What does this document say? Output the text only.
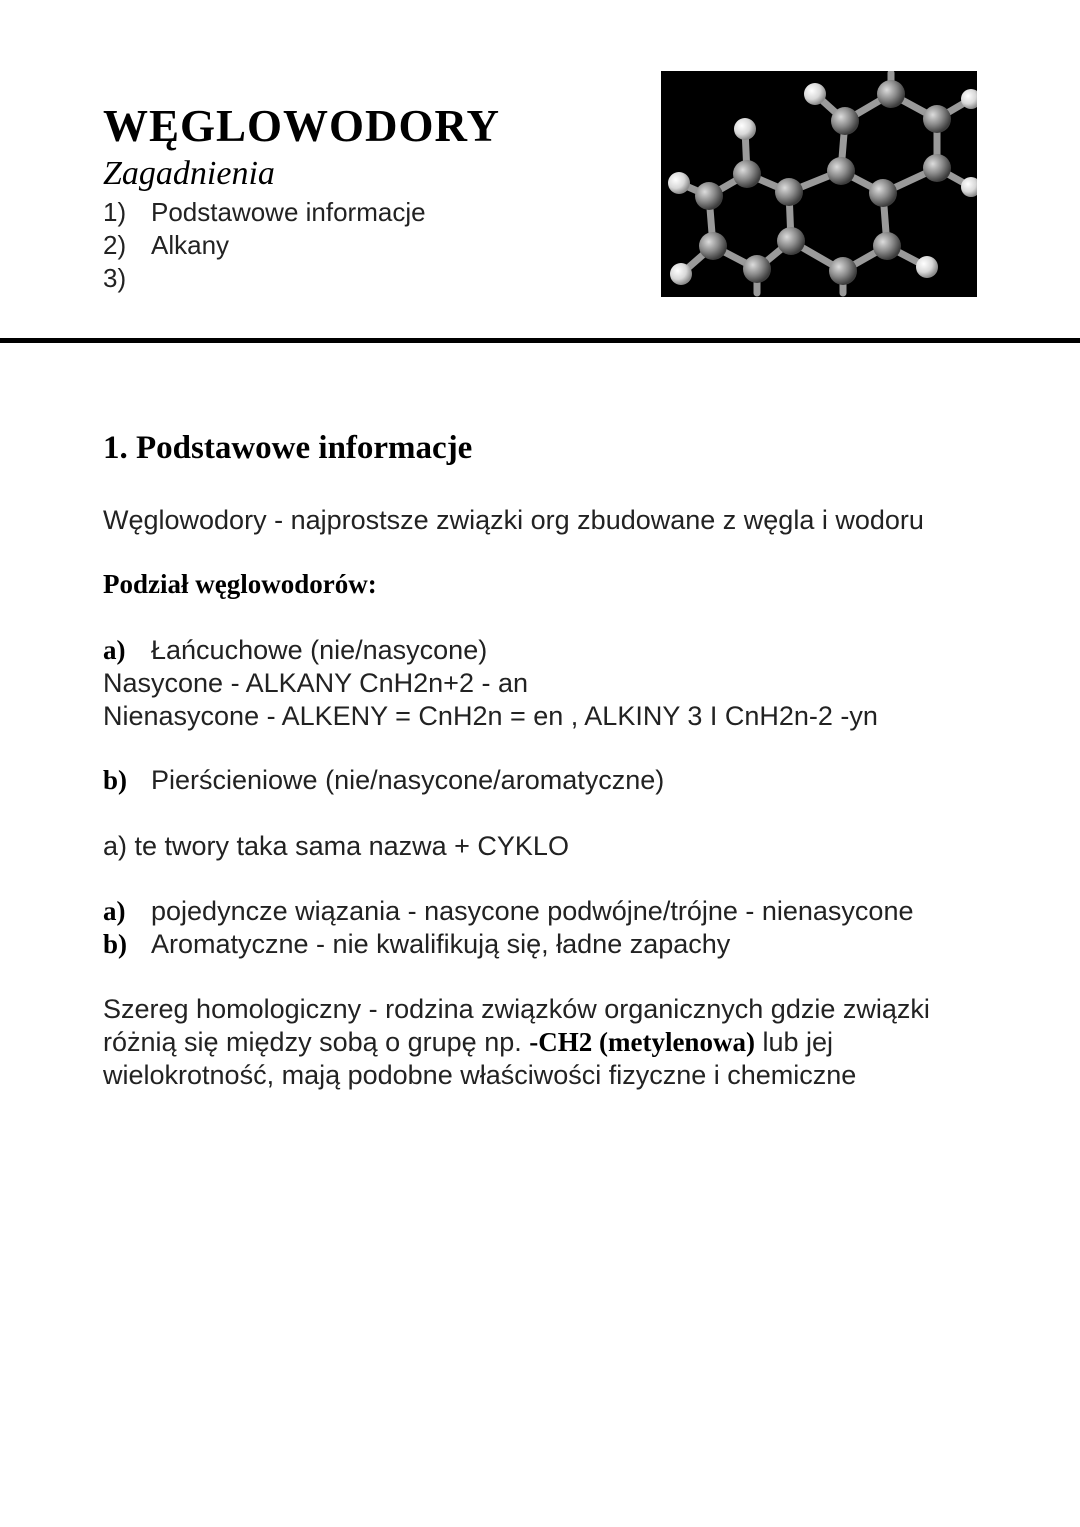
WĘGLOWODORY
Zagadnienia
1) Podstawowe informacje
2) Alkany
3)
1. Podstawowe informacje
Węglowodory - najprostsze związki org zbudowane z węgla i wodoru
Podział węglowodorów:
a) Łańcuchowe (nie/nasycone)
Nasycone - ALKANY CnH2n+2 - an
Nienasycone - ALKENY = CnH2n = en , ALKINY 3 I CnH2n-2 -yn
b) Pierścieniowe (nie/nasycone/aromatyczne)
a) te twory taka sama nazwa + CYKLO
a) pojedyncze wiązania - nasycone podwójne/trójne - nienasycone
b) Aromatyczne - nie kwalifikują się, ładne zapachy
Szereg homologiczny - rodzina związków organicznych gdzie związki
różnią się między sobą o grupę np. -CH2 (metylenowa) lub jej
wielokrotność, mają podobne właściwości fizyczne i chemiczne
